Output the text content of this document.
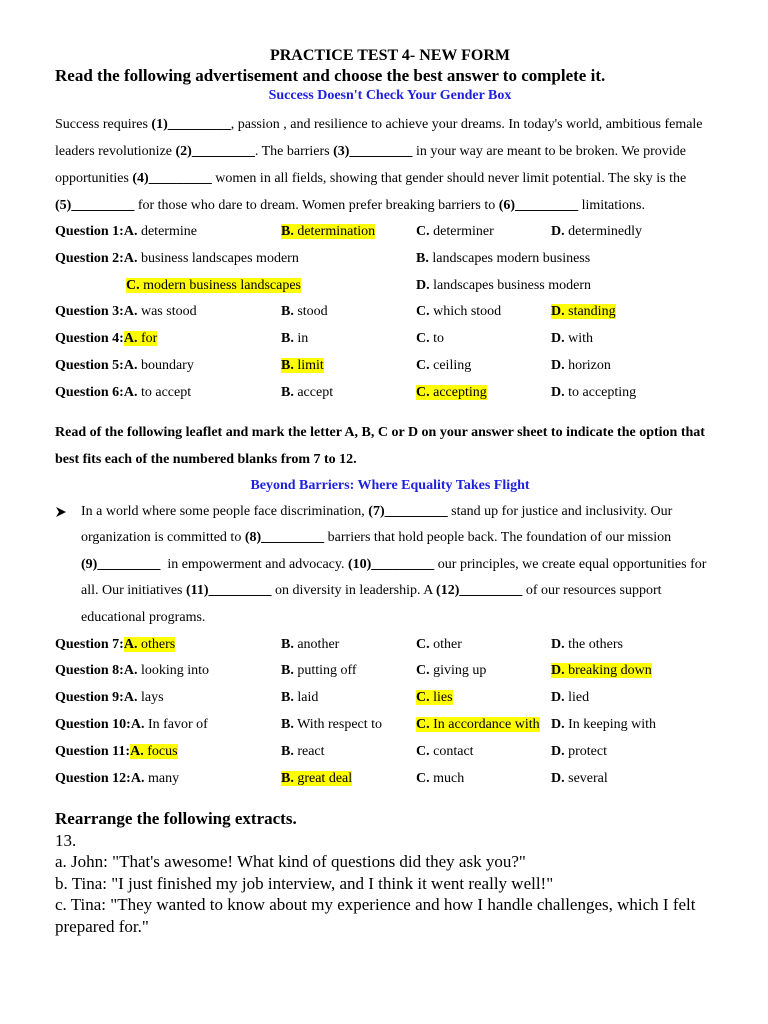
PRACTICE TEST 4- NEW FORM
Read the following advertisement and choose the best answer to complete it.
Success Doesn't Check Your Gender Box
Success requires (1)_________, passion , and resilience to achieve your dreams. In today's world, ambitious female leaders revolutionize (2)_________. The barriers (3)_________ in your way are meant to be broken. We provide opportunities (4)_________ women in all fields, showing that gender should never limit potential. The sky is the (5)_________ for those who dare to dream. Women prefer breaking barriers to (6)_________ limitations.
Question 1:A. determine	B. determination	C. determiner	D. determinedly
Question 2:A. business landscapes modern	B. landscapes modern business
C. modern business landscapes	D. landscapes business modern
Question 3:A. was stood	B. stood	C. which stood	D. standing
Question 4:A. for	B. in	C. to	D. with
Question 5:A. boundary	B. limit	C. ceiling	D. horizon
Question 6:A. to accept	B. accept	C. accepting	D. to accepting
Read of the following leaflet and mark the letter A, B, C or D on your answer sheet to indicate the option that best fits each of the numbered blanks from 7 to 12.
Beyond Barriers: Where Equality Takes Flight
In a world where some people face discrimination, (7)_________ stand up for justice and inclusivity. Our organization is committed to (8)_________ barriers that hold people back. The foundation of our mission (9)_________  in empowerment and advocacy. (10)_________ our principles, we create equal opportunities for all. Our initiatives (11)_________ on diversity in leadership. A (12)_________ of our resources support educational programs.
Question 7:A. others	B. another	C. other	D. the others
Question 8:A. looking into	B. putting off	C. giving up	D. breaking down
Question 9:A. lays	B. laid	C. lies	D. lied
Question 10:A. In favor of	B. With respect to C. In accordance with D. In keeping with
Question 11:A. focus	B. react	C. contact	D. protect
Question 12:A. many	B. great deal	C. much	D. several
Rearrange the following extracts.
13.
a. John: "That's awesome! What kind of questions did they ask you?"
b. Tina: "I just finished my job interview, and I think it went really well!"
c. Tina: "They wanted to know about my experience and how I handle challenges, which I felt prepared for."
